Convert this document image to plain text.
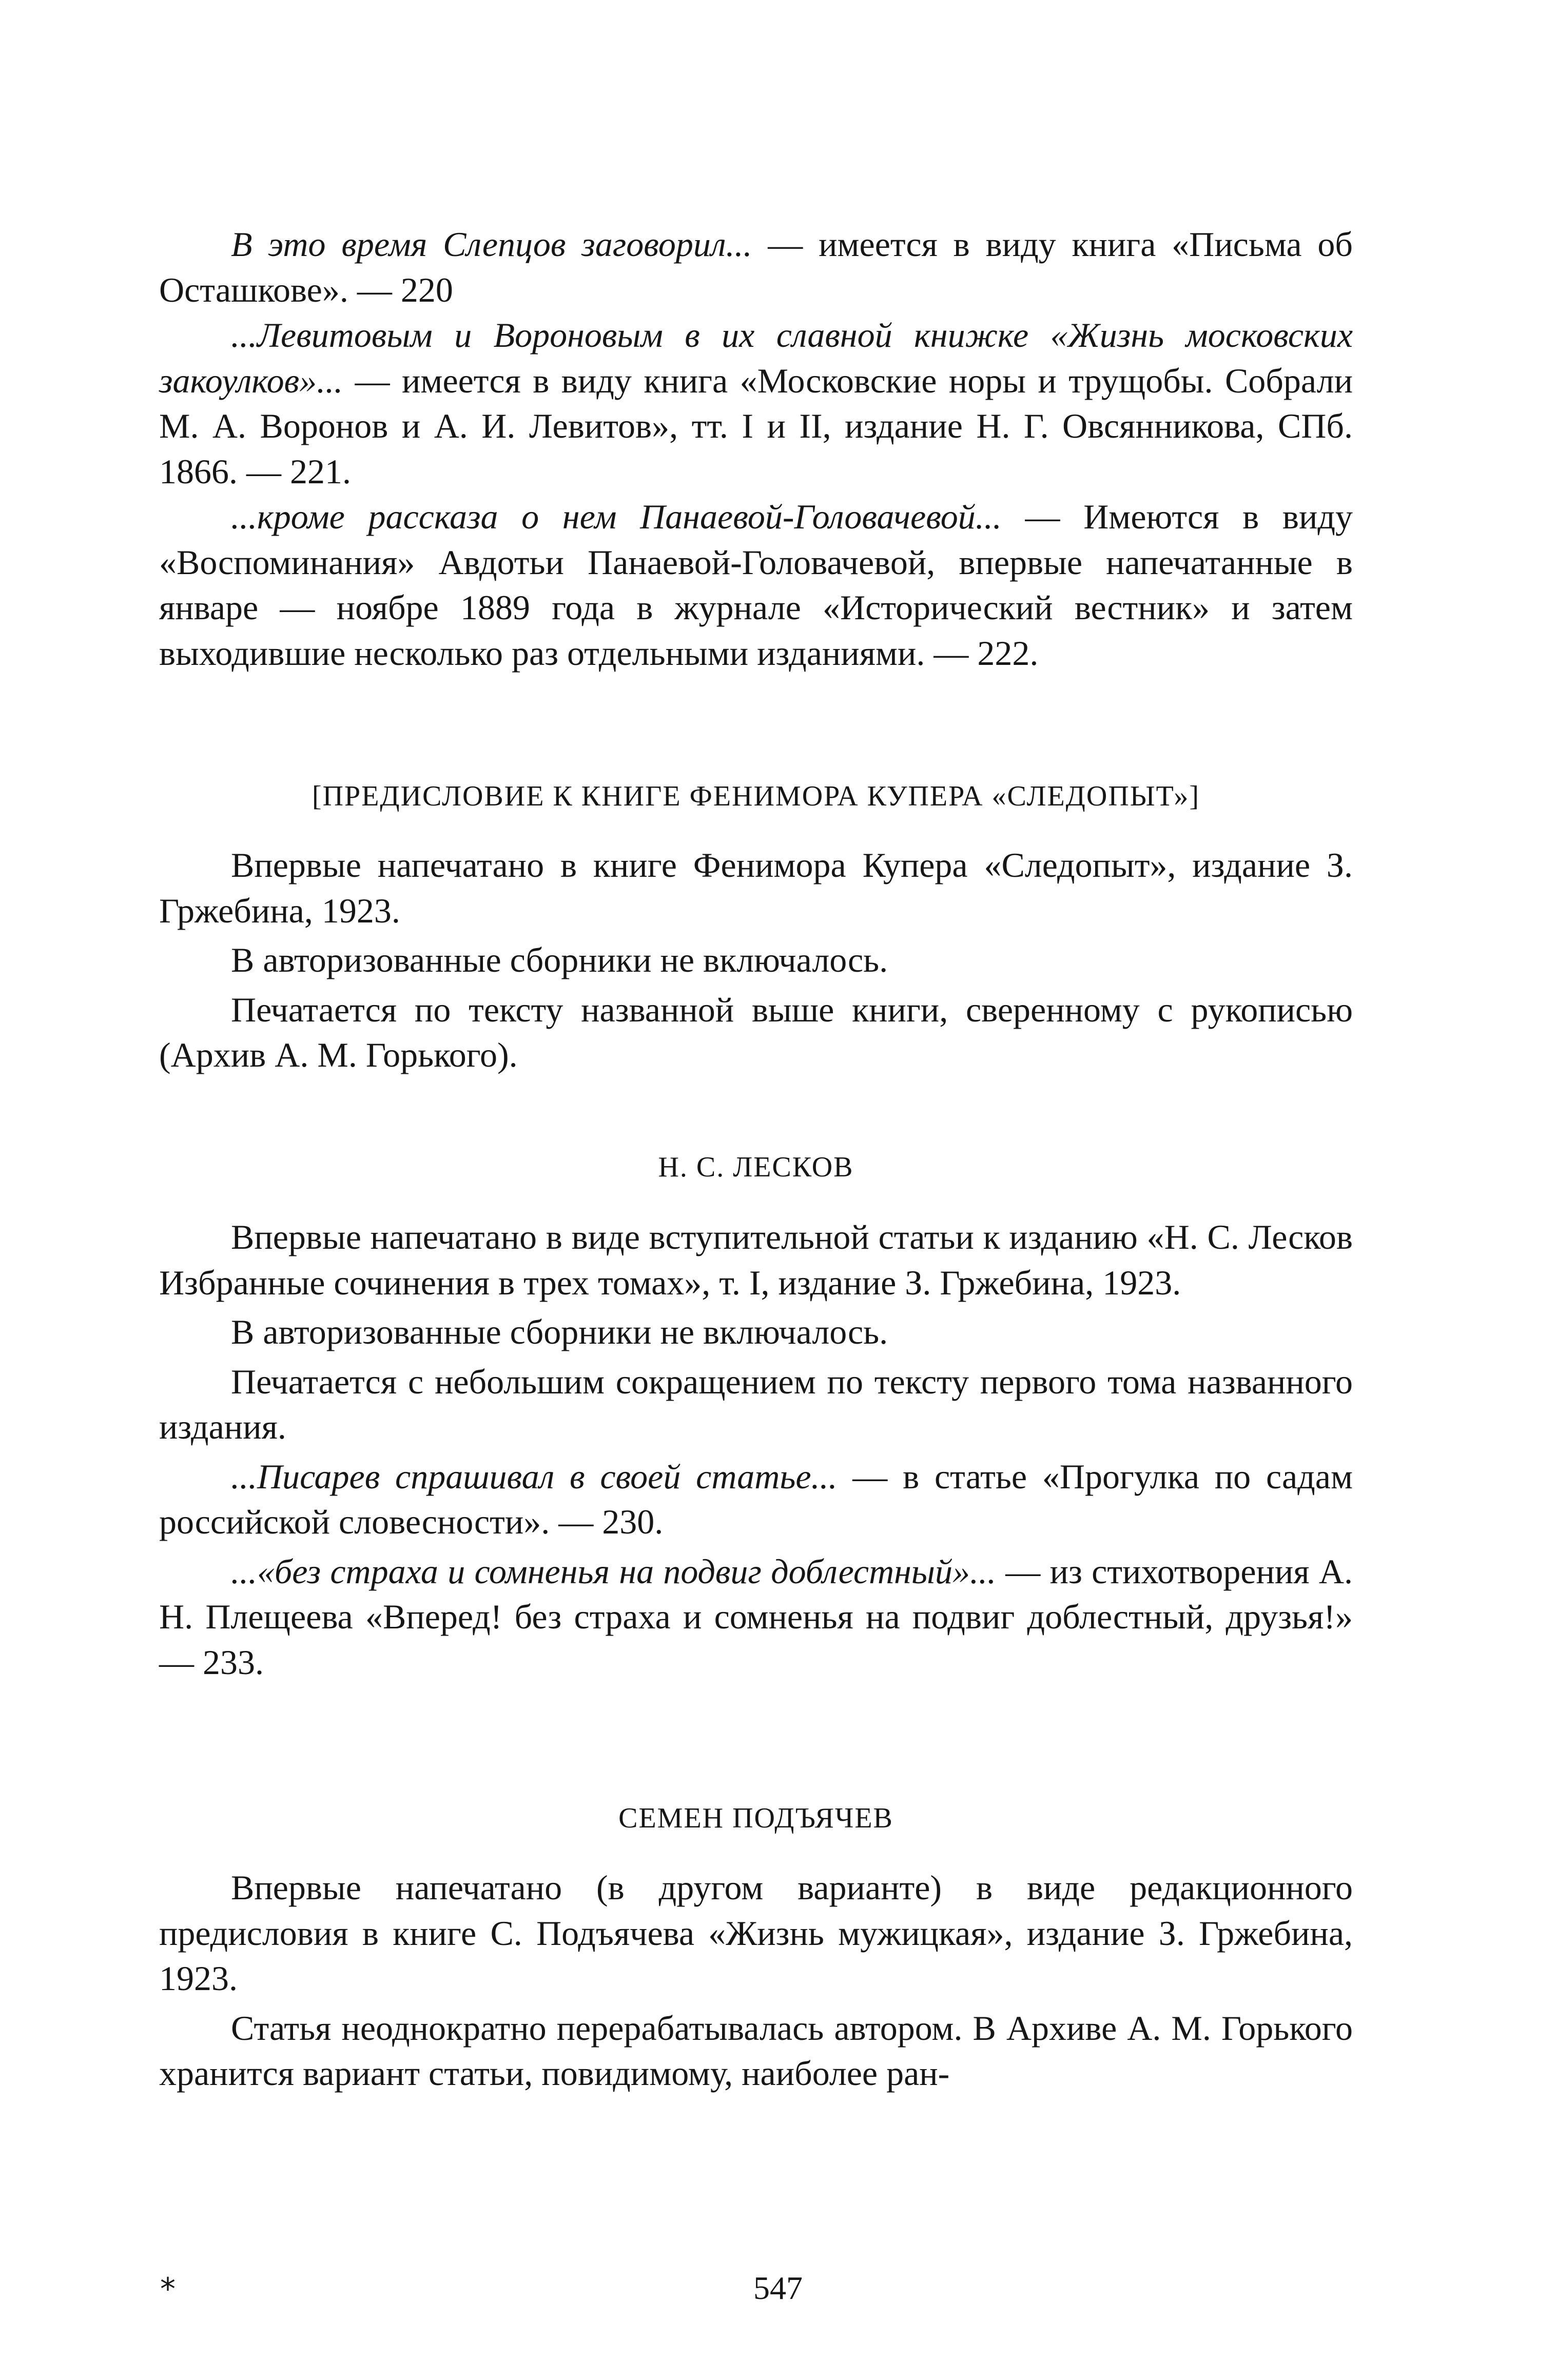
В это время Слепцов заговорил... — имеется в виду книга «Письма об Осташкове». — 220

...Левитовым и Вороновым в их славной книжке «Жизнь московских закоулков»... — имеется в виду книга «Московские норы и трущобы. Собрали М. А. Воронов и А. И. Левитов», тт. I и II, издание Н. Г. Овсянникова, СПб. 1866. — 221.

...кроме рассказа о нем Панаевой-Головачевой... — Имеются в виду «Воспоминания» Авдотьи Панаевой-Головачевой, впервые напечатанные в январе — ноябре 1889 года в журнале «Исторический вестник» и затем выходившие несколько раз отдельными изданиями. — 222.

[ПРЕДИСЛОВИЕ К КНИГЕ ФЕНИМОРА КУПЕРА «СЛЕДОПЫТ»]

Впервые напечатано в книге Фенимора Купера «Следопыт», издание З. Гржебина, 1923.

В авторизованные сборники не включалось.

Печатается по тексту названной выше книги, сверенному с рукописью (Архив А. М. Горького).

Н. С. ЛЕСКОВ

Впервые напечатано в виде вступительной статьи к изданию «Н. С. Лесков Избранные сочинения в трех томах», т. I, издание З. Гржебина, 1923.

В авторизованные сборники не включалось.

Печатается с небольшим сокращением по тексту первого тома названного издания.

...Писарев спрашивал в своей статье... — в статье «Прогулка по садам российской словесности». — 230.

...«без страха и сомненья на подвиг доблестный»... — из стихотворения А. Н. Плещеева «Вперед! без страха и сомненья на подвиг доблестный, друзья!» — 233.

СЕМЕН ПОДЪЯЧЕВ

Впервые напечатано (в другом варианте) в виде редакционного предисловия в книге С. Подъячева «Жизнь мужицкая», издание З. Гржебина, 1923.

Статья неоднократно перерабатывалась автором. В Архиве А. М. Горького хранится вариант статьи, повидимому, наиболее ран-

*	547
